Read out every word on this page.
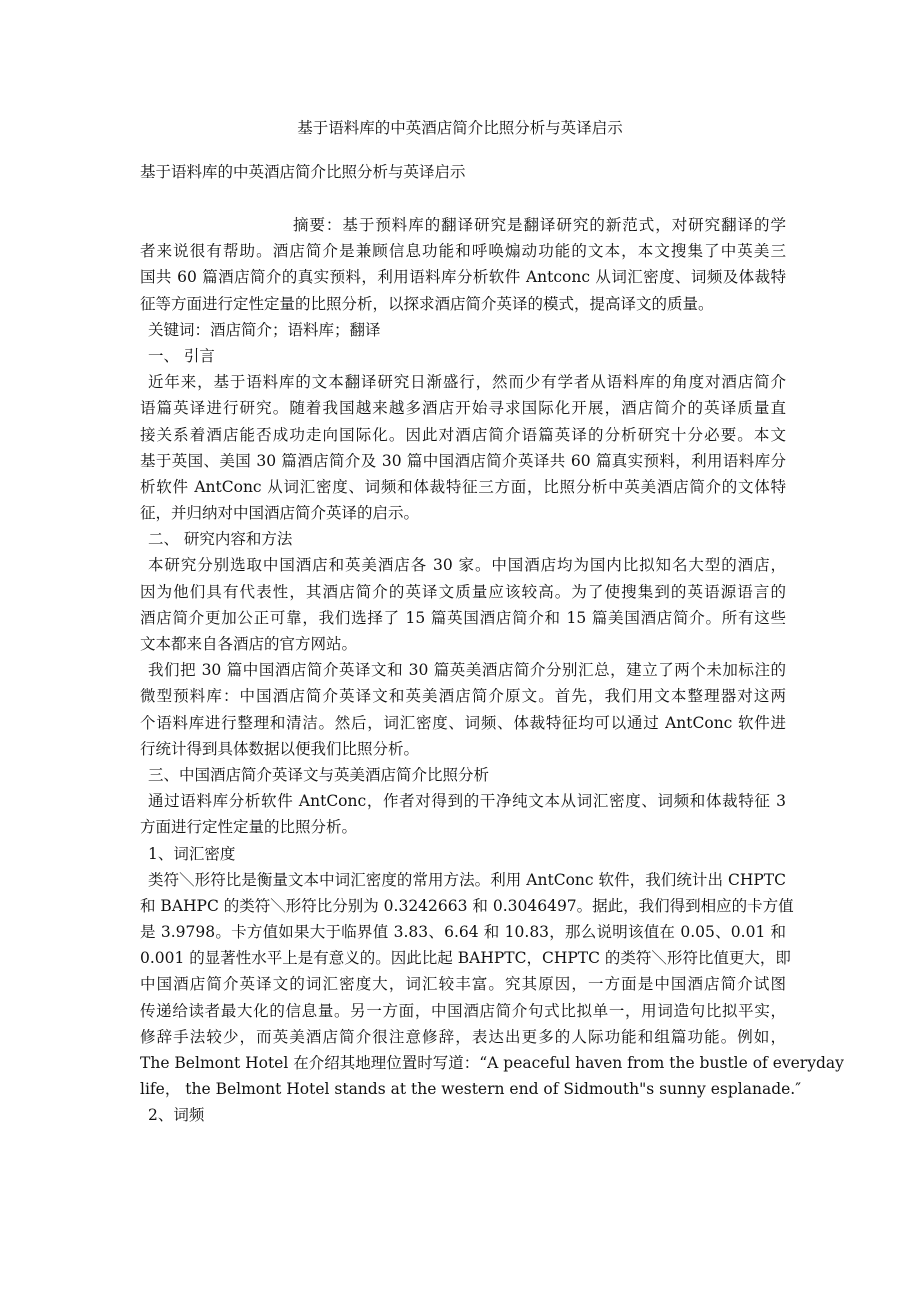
基于语料库的中英酒店简介比照分析与英译启示
基于语料库的中英酒店简介比照分析与英译启示
摘要：基于预料库的翻译研究是翻译研究的新范式，对研究翻译的学
者来说很有帮助。酒店简介是兼顾信息功能和呼唤煽动功能的文本，本文搜集了中英美三
国共 60 篇酒店简介的真实预料，利用语料库分析软件 Antconc 从词汇密度、词频及体裁特
征等方面进行定性定量的比照分析，以探求酒店简介英译的模式，提高译文的质量。
关键词：酒店简介；语料库；翻译
一、 引言
近年来，基于语料库的文本翻译研究日渐盛行，然而少有学者从语料库的角度对酒店简介
语篇英译进行研究。随着我国越来越多酒店开始寻求国际化开展，酒店简介的英译质量直
接关系着酒店能否成功走向国际化。因此对酒店简介语篇英译的分析研究十分必要。本文
基于英国、美国 30 篇酒店简介及 30 篇中国酒店简介英译共 60 篇真实预料，利用语料库分
析软件 AntConc 从词汇密度、词频和体裁特征三方面，比照分析中英美酒店简介的文体特
征，并归纳对中国酒店简介英译的启示。
二、 研究内容和方法
本研究分别选取中国酒店和英美酒店各 30 家。中国酒店均为国内比拟知名大型的酒店，
因为他们具有代表性，其酒店简介的英译文质量应该较高。为了使搜集到的英语源语言的
酒店简介更加公正可靠，我们选择了 15 篇英国酒店简介和 15 篇美国酒店简介。所有这些
文本都来自各酒店的官方网站。
我们把 30 篇中国酒店简介英译文和 30 篇英美酒店简介分别汇总，建立了两个未加标注的
微型预料库：中国酒店简介英译文和英美酒店简介原文。首先，我们用文本整理器对这两
个语料库进行整理和清洁。然后，词汇密度、词频、体裁特征均可以通过 AntConc 软件进
行统计得到具体数据以便我们比照分析。
三、中国酒店简介英译文与英美酒店简介比照分析
通过语料库分析软件 AntConc，作者对得到的干净纯文本从词汇密度、词频和体裁特征 3
方面进行定性定量的比照分析。
1、词汇密度
类符＼形符比是衡量文本中词汇密度的常用方法。利用 AntConc 软件，我们统计出 CHPTC
和 BAHPC 的类符＼形符比分别为 0.3242663 和 0.3046497。据此，我们得到相应的卡方值
是 3.9798。卡方值如果大于临界值 3.83、6.64 和 10.83，那么说明该值在 0.05、0.01 和
0.001 的显著性水平上是有意义的。因此比起 BAHPTC，CHPTC 的类符＼形符比值更大，即
中国酒店简介英译文的词汇密度大，词汇较丰富。究其原因，一方面是中国酒店简介试图
传递给读者最大化的信息量。另一方面，中国酒店简介句式比拟单一，用词造句比拟平实，
修辞手法较少，而英美酒店简介很注意修辞，表达出更多的人际功能和组篇功能。例如，
The Belmont Hotel 在介绍其地理位置时写道：“A peaceful haven from the bustle of everyday
life， the Belmont Hotel stands at the western end of Sidmouth"s sunny esplanade.″
2、词频
